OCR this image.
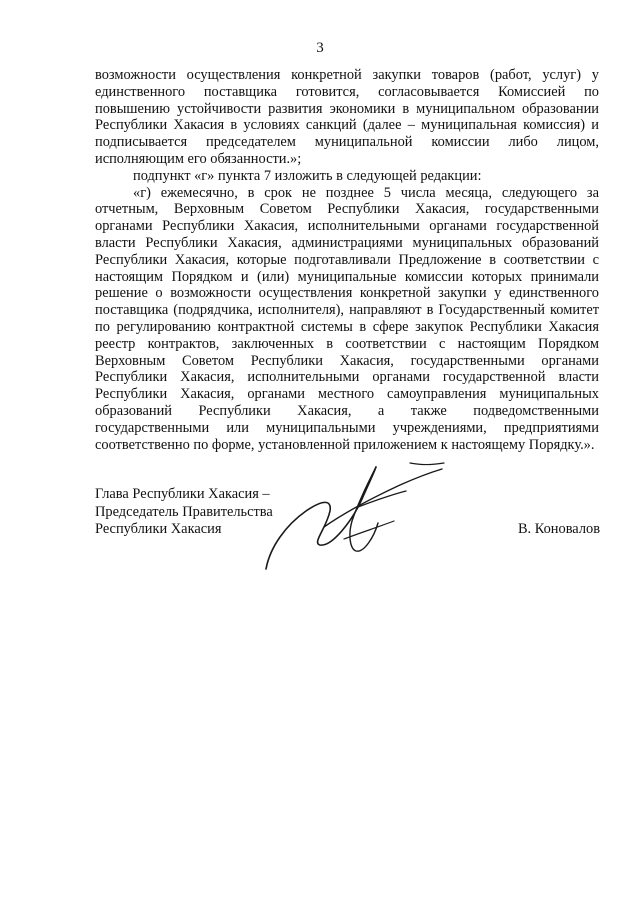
3

возможности осуществления конкретной закупки товаров (работ, услуг) у единственного поставщика готовится, согласовывается Комиссией по повышению устойчивости развития экономики в муниципальном образовании Республики Хакасия в условиях санкций (далее – муниципальная комиссия) и подписывается председателем муниципальной комиссии либо лицом, исполняющим его обязанности.»;

подпункт «г» пункта 7 изложить в следующей редакции:

«г) ежемесячно, в срок не позднее 5 числа месяца, следующего за отчетным, Верховным Советом Республики Хакасия, государственными органами Республики Хакасия, исполнительными органами государственной власти Республики Хакасия, администрациями муниципальных образований Республики Хакасия, которые подготавливали Предложение в соответствии с настоящим Порядком и (или) муниципальные комиссии которых принимали решение о возможности осуществления конкретной закупки у единственного поставщика (подрядчика, исполнителя), направляют в Государственный комитет по регулированию контрактной системы в сфере закупок Республики Хакасия реестр контрактов, заключенных в соответствии с настоящим Порядком Верховным Советом Республики Хакасия, государственными органами Республики Хакасия, исполнительными органами государственной власти Республики Хакасия, органами местного самоуправления муниципальных образований Республики Хакасия, а также подведомственными государственными или муниципальными учреждениями, предприятиями соответственно по форме, установленной приложением к настоящему Порядку.».

Глава Республики Хакасия –
Председатель Правительства
Республики Хакасия	В. Коновалов
